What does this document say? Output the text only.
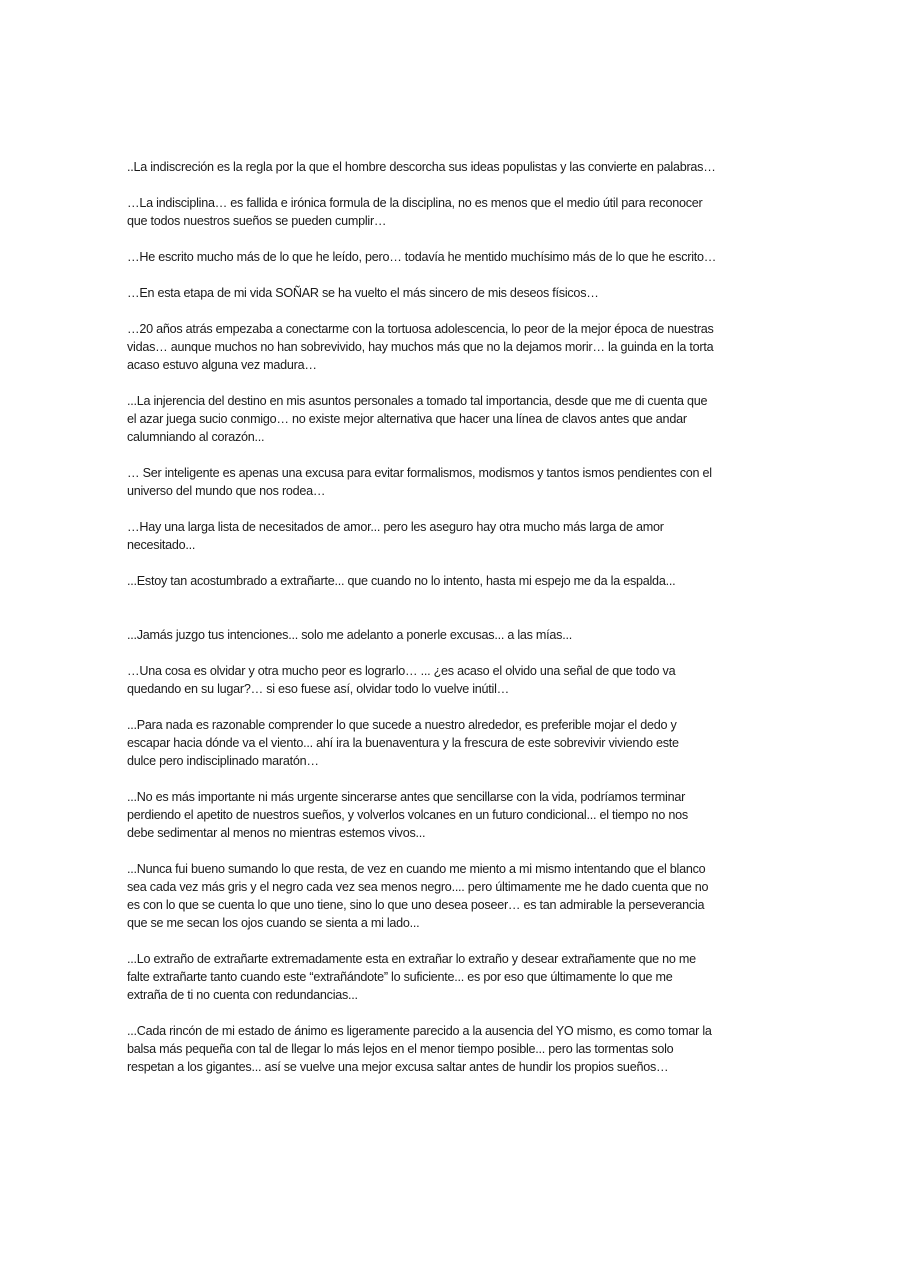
..La indiscreción es la regla por la que el hombre descorcha sus ideas populistas y las convierte en palabras…
…La indisciplina… es fallida e irónica formula de la disciplina, no es menos que el medio útil para reconocer
que todos nuestros sueños se pueden cumplir…
…He escrito mucho más de lo que he leído, pero… todavía he mentido muchísimo más de lo que he escrito…
…En esta etapa de mi vida SOÑAR se ha vuelto el más sincero de mis deseos físicos…
…20 años atrás empezaba a conectarme con la tortuosa adolescencia, lo peor de la mejor época de nuestras
vidas… aunque muchos no han sobrevivido, hay muchos más que no la dejamos morir… la guinda en la torta
acaso estuvo alguna vez madura…
...La injerencia del destino en mis asuntos personales a tomado tal importancia, desde que me di cuenta que
el azar juega sucio conmigo… no existe mejor alternativa que hacer una línea de clavos antes que andar
calumniando al corazón...
… Ser inteligente es apenas una excusa para evitar formalismos, modismos y tantos ismos pendientes con el
universo del mundo que nos rodea…
…Hay una larga lista de necesitados de amor... pero les aseguro hay otra mucho más larga de amor
necesitado...
...Estoy tan acostumbrado a extrañarte... que cuando no lo intento, hasta mi espejo me da la espalda...
...Jamás juzgo tus intenciones... solo me adelanto a ponerle excusas... a las mías...
…Una cosa es olvidar y otra mucho peor es lograrlo… ... ¿es acaso el olvido una señal de que todo va
quedando en su lugar?… si eso fuese así, olvidar todo lo vuelve inútil…
...Para nada es razonable comprender lo que sucede a nuestro alrededor, es preferible mojar el dedo y
escapar hacia dónde va el viento... ahí ira la buenaventura y la frescura de este sobrevivir viviendo este
dulce pero indisciplinado maratón…
...No es más importante ni más urgente sincerarse antes que sencillarse con la vida, podríamos terminar
perdiendo el apetito de nuestros sueños, y volverlos volcanes en un futuro condicional... el tiempo no nos
debe sedimentar al menos no mientras estemos vivos...
...Nunca fui bueno sumando lo que resta, de vez en cuando me miento a mi mismo intentando que el blanco
sea cada vez más gris y el negro cada vez sea menos negro.... pero últimamente me he dado cuenta que no
es con lo que se cuenta lo que uno tiene, sino lo que uno desea poseer… es tan admirable la perseverancia
que se me secan los ojos cuando se sienta a mi lado...
...Lo extraño de extrañarte extremadamente esta en extrañar lo extraño y desear extrañamente que no me
falte extrañarte tanto cuando este “extrañándote” lo suficiente... es por eso que últimamente lo que me
extraña de ti no cuenta con redundancias...
...Cada rincón de mi estado de ánimo es ligeramente parecido a la ausencia del YO mismo, es como tomar la
balsa más pequeña con tal de llegar lo más lejos en el menor tiempo posible... pero las tormentas solo
respetan a los gigantes... así se vuelve una mejor excusa saltar antes de hundir los propios sueños…
